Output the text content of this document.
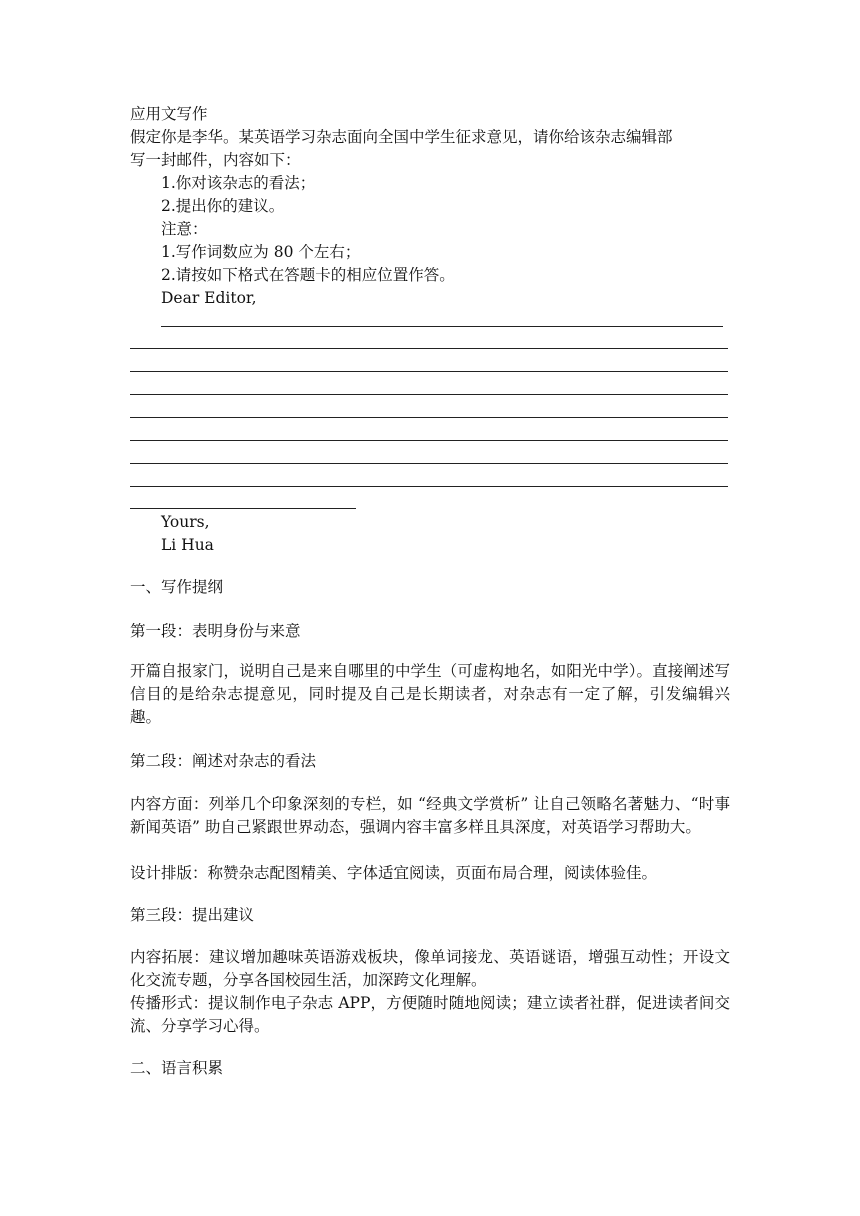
应用文写作
假定你是李华。某英语学习杂志面向全国中学生征求意见，请你给该杂志编辑部
写一封邮件，内容如下：
1.你对该杂志的看法；
2.提出你的建议。
注意：
1.写作词数应为 80 个左右；
2.请按如下格式在答题卡的相应位置作答。
Dear Editor,
Yours,
Li Hua
一、写作提纲
第一段：表明身份与来意
开篇自报家门，说明自己是来自哪里的中学生（可虚构地名，如阳光中学）。直接阐述写信目的是给杂志提意见，同时提及自己是长期读者，对杂志有一定了解，引发编辑兴趣。
第二段：阐述对杂志的看法
内容方面：列举几个印象深刻的专栏，如 “经典文学赏析” 让自己领略名著魅力、“时事新闻英语” 助自己紧跟世界动态，强调内容丰富多样且具深度，对英语学习帮助大。
设计排版：称赞杂志配图精美、字体适宜阅读，页面布局合理，阅读体验佳。
第三段：提出建议
内容拓展：建议增加趣味英语游戏板块，像单词接龙、英语谜语，增强互动性；开设文化交流专题，分享各国校园生活，加深跨文化理解。
传播形式：提议制作电子杂志 APP，方便随时随地阅读；建立读者社群，促进读者间交流、分享学习心得。
二、语言积累
